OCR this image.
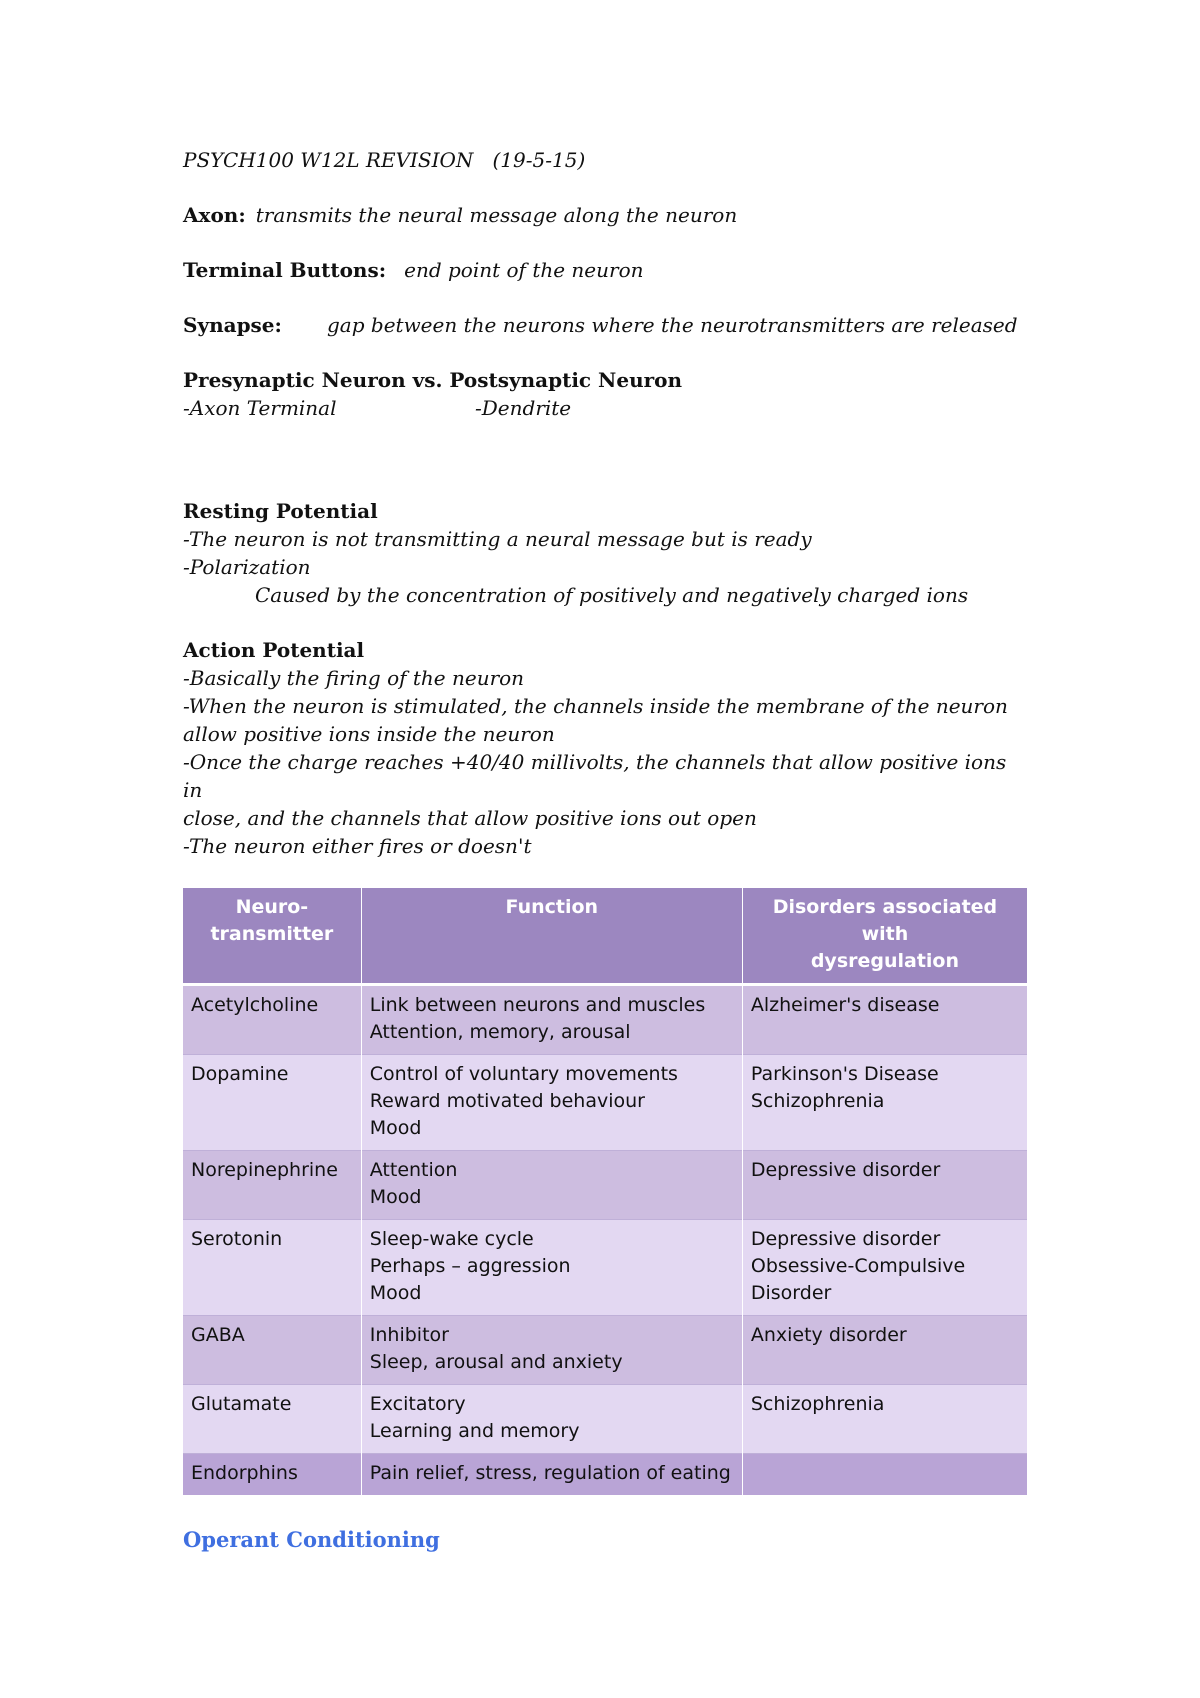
PSYCH100 W12L REVISION   (19-5-15)
Axon: transmits the neural message along the neuron
Terminal Buttons: end point of the neuron
Synapse:	gap between the neurons where the neurotransmitters are released
Presynaptic Neuron vs. Postsynaptic Neuron
-Axon Terminal	-Dendrite
Resting Potential
-The neuron is not transmitting a neural message but is ready
-Polarization
Caused by the concentration of positively and negatively charged ions
Action Potential
-Basically the firing of the neuron
-When the neuron is stimulated, the channels inside the membrane of the neuron
allow positive ions inside the neuron
-Once the charge reaches +40/40 millivolts, the channels that allow positive ions in
close, and the channels that allow positive ions out open
-The neuron either fires or doesn't
Neuro-
transmitter	Function	Disorders associated with
dysregulation

Acetylcholine	Link between neurons and muscles
Attention, memory, arousal	Alzheimer's disease

Dopamine	Control of voluntary movements
Reward motivated behaviour
Mood	Parkinson's Disease
Schizophrenia

Norepinephrine	Attention
Mood	Depressive disorder

Serotonin	Sleep-wake cycle
Perhaps – aggression
Mood	Depressive disorder
Obsessive-Compulsive
Disorder

GABA	Inhibitor
Sleep, arousal and anxiety	Anxiety disorder

Glutamate	Excitatory
Learning and memory	Schizophrenia

Endorphins	Pain relief, stress, regulation of eating	

Operant Conditioning
